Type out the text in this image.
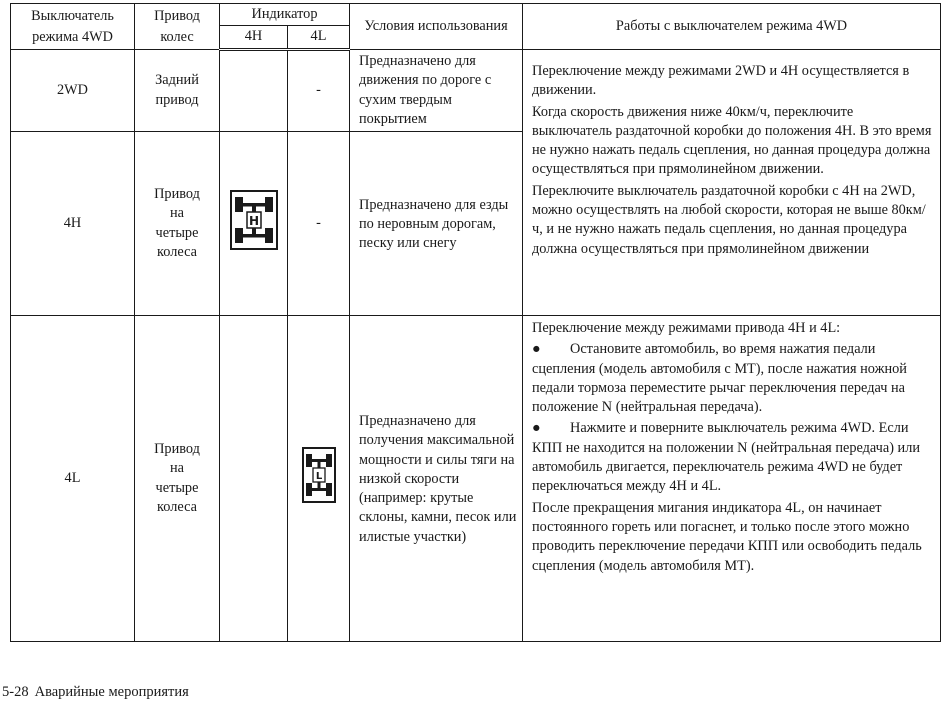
Выключатель режима 4WD	Привод колес	Индикатор		Условия использования	Работы с выключателем режима 4WD
		4H	4L		
2WD	Задний привод		-	Предназначено для движения по дороге с сухим твердым покрытием	Переключение между режимами 2WD и 4H осуществляется в движении.

Когда скорость движения ниже 40км/ч, переключите выключатель раздаточной коробки до положения 4H. В это время не нужно нажать педаль сцепления, но данная процедура должна осуществляться при прямолинейном движении.

Переключите выключатель раздаточной коробки с 4H на 2WD, можно осуществлять на любой скорости, которая не выше 80км/ч, и не нужно нажать педаль сцепления, но данная процедура должна осуществляться при прямолинейном движении

4H	Привод на четыре колеса	H	-	Предназначено для езды по неровным дорогам, песку или снегу	
4L	Привод на четыре колеса		L	Предназначено для получения максимальной мощности и силы тяги на низкой скорости (например: крутые склоны, камни, песок или илистые участки)	Переключение между режимами привода 4H и 4L:

● Остановите автомобиль, во время нажатия педали сцепления (модель автомобиля с MT), после нажатия ножной педали тормоза переместите рычаг переключения передач на положение N (нейтральная передача).

● Нажмите и поверните выключатель режима 4WD. Если КПП не находится на положении N (нейтральная передача) или автомобиль двигается, переключатель режима 4WD не будет переключаться между 4H и 4L.

После прекращения мигания индикатора 4L, он начинает постоянного гореть или погаснет, и только после этого можно проводить переключение передачи КПП или освободить педаль сцепления (модель автомобиля MT).

5-28 Аварийные мероприятия
